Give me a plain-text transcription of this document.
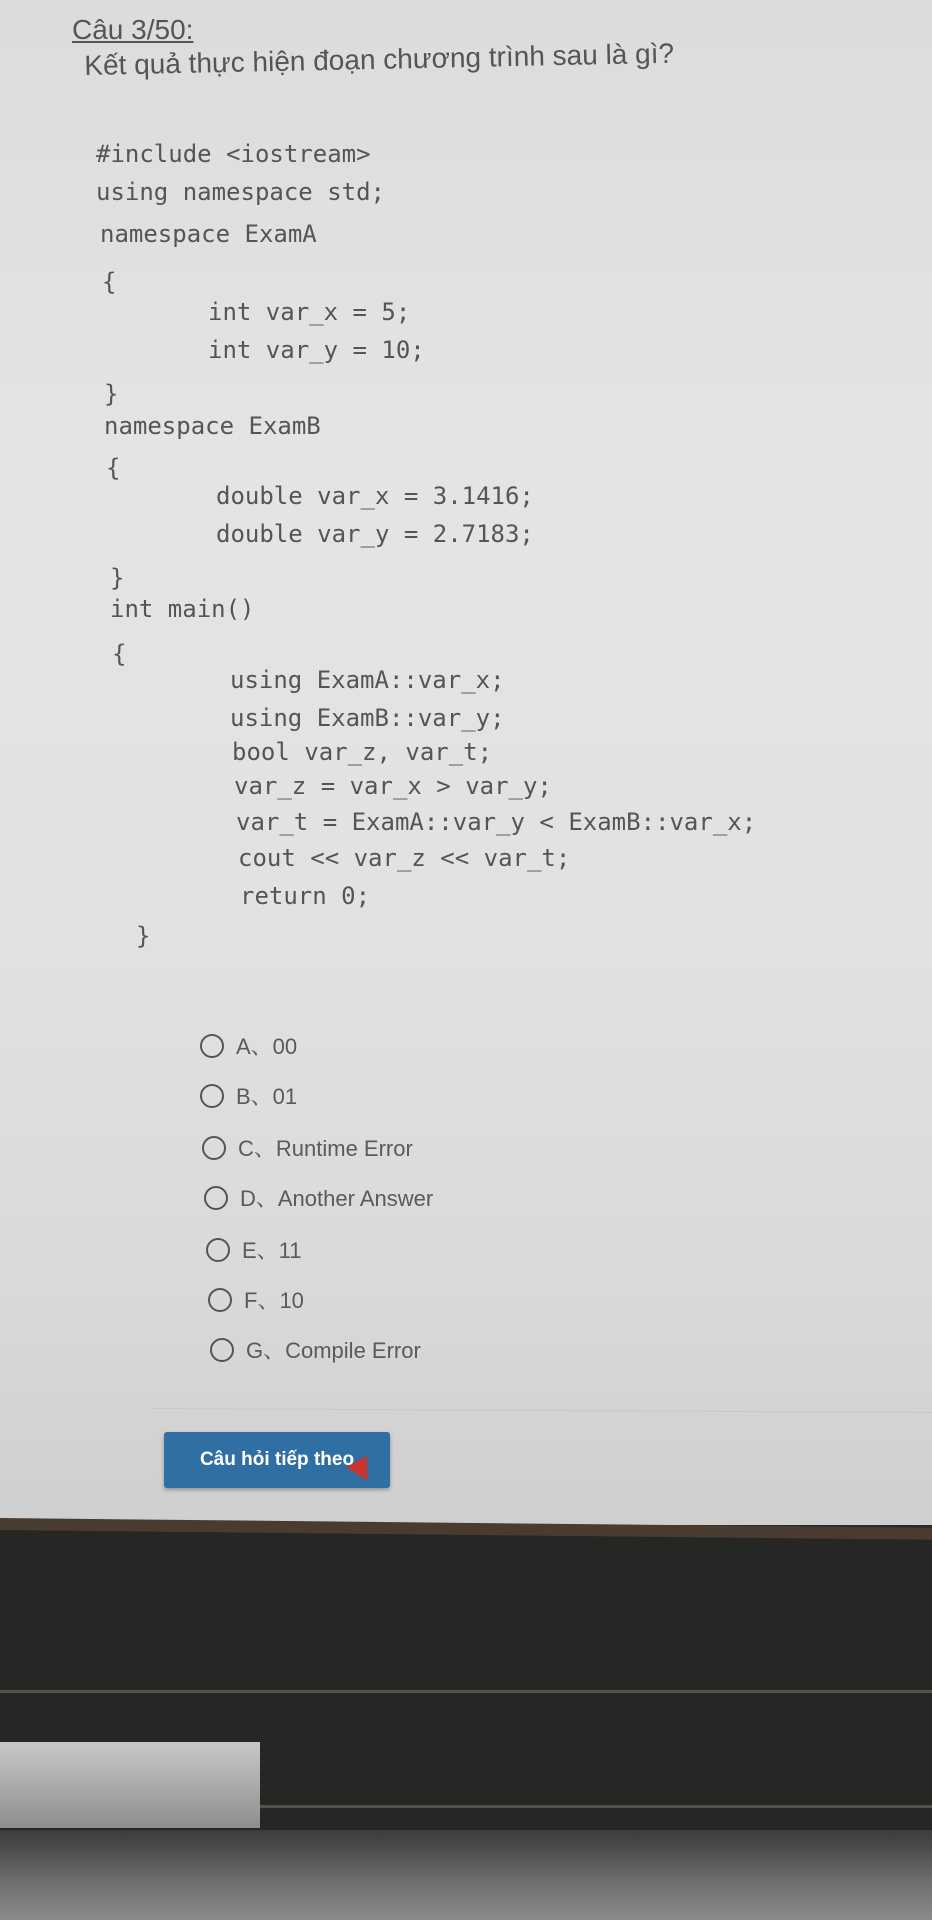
Câu 3/50:
Kết quả thực hiện đoạn chương trình sau là gì?
#include <iostream>
using namespace std;
namespace ExamA
{
int var_x = 5;
int var_y = 10;
}
namespace ExamB
{
double var_x = 3.1416;
double var_y = 2.7183;
}
int main()
{
using ExamA::var_x;
using ExamB::var_y;
bool var_z, var_t;
var_z = var_x > var_y;
var_t = ExamA::var_y < ExamB::var_x;
cout << var_z << var_t;
return 0;
}
A、00
B、01
C、Runtime Error
D、Another Answer
E、11
F、10
G、Compile Error
Câu hỏi tiếp theo
